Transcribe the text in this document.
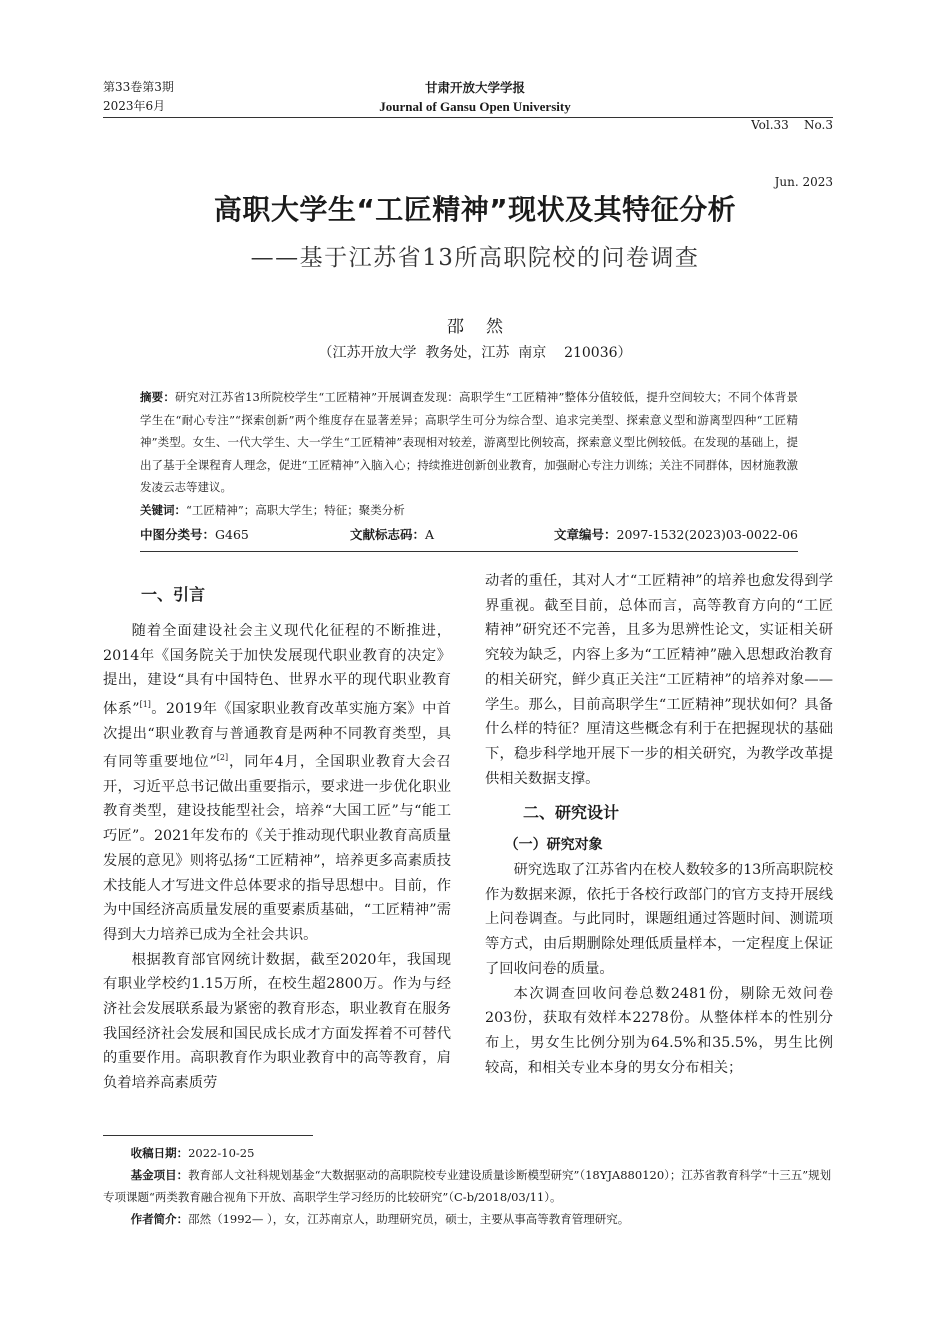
第33卷第3期
2023年6月
甘肃开放大学学报
Journal of Gansu Open University

Vol.33    No.3

Jun. 2023

高职大学生“工匠精神”现状及其特征分析
——基于江苏省13所高职院校的问卷调查
邵然
（江苏开放大学  教务处，江苏  南京    210036）
摘要：研究对江苏省13所院校学生“工匠精神”开展调查发现：高职学生“工匠精神”整体分值较低，提升空间较大；不同个体背景学生在“耐心专注”“探索创新”两个维度存在显著差异；高职学生可分为综合型、追求完美型、探索意义型和游离型四种“工匠精神”类型。女生、一代大学生、大一学生“工匠精神”表现相对较差，游离型比例较高，探索意义型比例较低。在发现的基础上，提出了基于全课程育人理念，促进“工匠精神”入脑入心；持续推进创新创业教育，加强耐心专注力训练；关注不同群体，因材施教激发凌云志等建议。
关键词：“工匠精神”；高职大学生；特征；聚类分析
中图分类号：G465	文献标志码：A	文章编号：2097-1532(2023)03-0022-06
一、引言

随着全面建设社会主义现代化征程的不断推进，2014年《国务院关于加快发展现代职业教育的决定》提出，建设“具有中国特色、世界水平的现代职业教育体系”[1]。2019年《国家职业教育改革实施方案》中首次提出“职业教育与普通教育是两种不同教育类型，具有同等重要地位”[2]，同年4月，全国职业教育大会召开，习近平总书记做出重要指示，要求进一步优化职业教育类型，建设技能型社会，培养“大国工匠”与“能工巧匠”。2021年发布的《关于推动现代职业教育高质量发展的意见》则将弘扬“工匠精神”，培养更多高素质技术技能人才写进文件总体要求的指导思想中。目前，作为中国经济高质量发展的重要素质基础，“工匠精神”需得到大力培养已成为全社会共识。

根据教育部官网统计数据，截至2020年，我国现有职业学校约1.15万所，在校生超2800万。作为与经济社会发展联系最为紧密的教育形态，职业教育在服务我国经济社会发展和国民成长成才方面发挥着不可替代的重要作用。高职教育作为职业教育中的高等教育，肩负着培养高素质劳

动者的重任，其对人才“工匠精神”的培养也愈发得到学界重视。截至目前，总体而言，高等教育方向的“工匠精神”研究还不完善，且多为思辨性论文，实证相关研究较为缺乏，内容上多为“工匠精神”融入思想政治教育的相关研究，鲜少真正关注“工匠精神”的培养对象——学生。那么，目前高职学生“工匠精神”现状如何？具备什么样的特征？厘清这些概念有利于在把握现状的基础下，稳步科学地开展下一步的相关研究，为教学改革提供相关数据支撑。

二、研究设计
（一）研究对象

研究选取了江苏省内在校人数较多的13所高职院校作为数据来源，依托于各校行政部门的官方支持开展线上问卷调查。与此同时，课题组通过答题时间、测谎项等方式，由后期删除处理低质量样本，一定程度上保证了回收问卷的质量。

本次调查回收问卷总数2481份，剔除无效问卷203份，获取有效样本2278份。从整体样本的性别分布上，男女生比例分别为64.5%和35.5%，男生比例较高，和相关专业本身的男女分布相关；

收稿日期：2022-10-25

基金项目：教育部人文社科规划基金“大数据驱动的高职院校专业建设质量诊断模型研究”（18YJA880120）；江苏省教育科学“十三五”规划专项课题“两类教育融合视角下开放、高职学生学习经历的比较研究”（C-b/2018/03/11）。

作者简介：邵然（1992— ），女，江苏南京人，助理研究员，硕士，主要从事高等教育管理研究。
